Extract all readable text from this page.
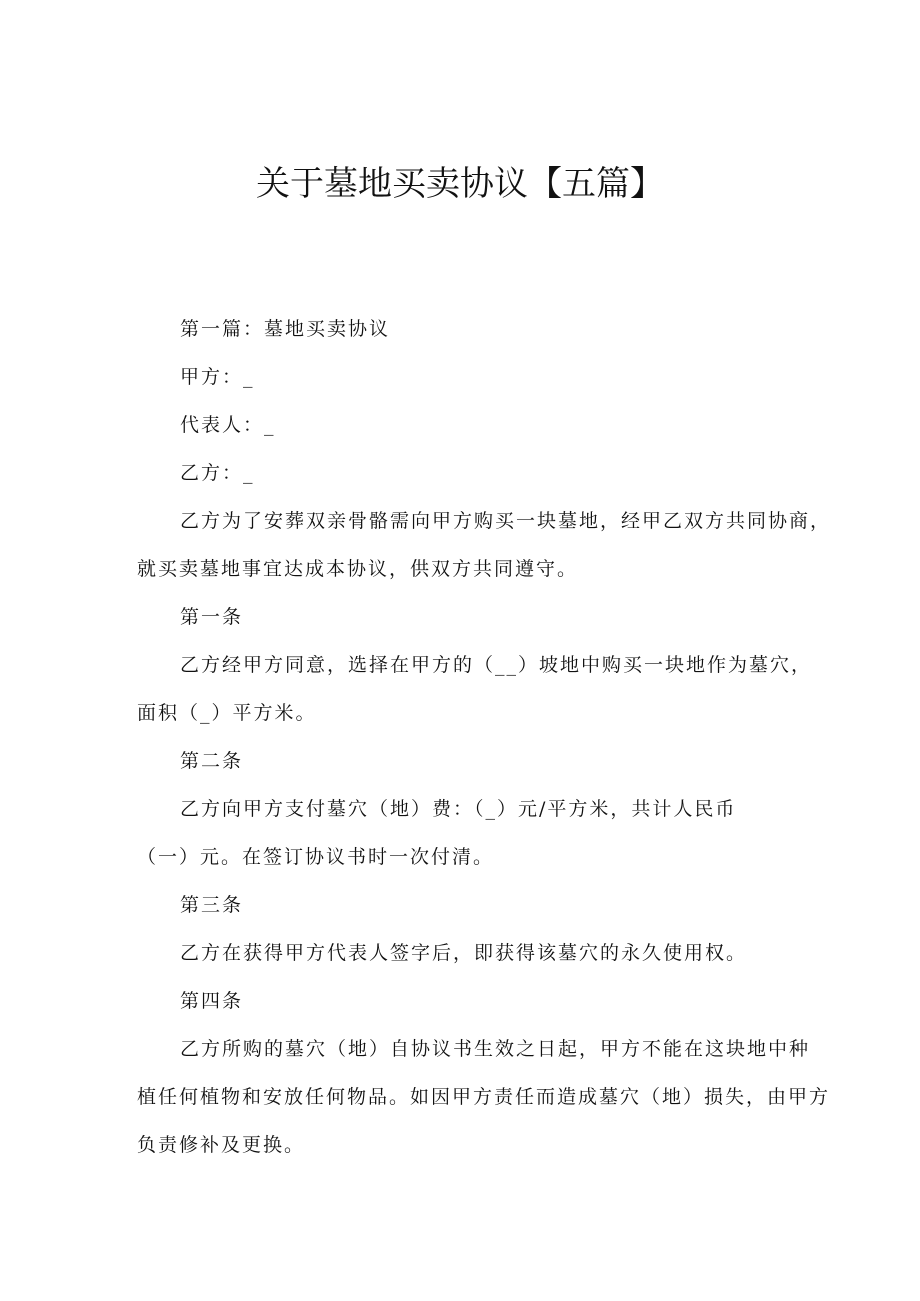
关于墓地买卖协议【五篇】
第一篇：墓地买卖协议
甲方：_
代表人：_
乙方：_
乙方为了安葬双亲骨骼需向甲方购买一块墓地，经甲乙双方共同协商，
就买卖墓地事宜达成本协议，供双方共同遵守。
第一条
乙方经甲方同意，选择在甲方的（__）坡地中购买一块地作为墓穴，
面积（_）平方米。
第二条
乙方向甲方支付墓穴（地）费：（_）元/平方米，共计人民币
（一）元。在签订协议书时一次付清。
第三条
乙方在获得甲方代表人签字后，即获得该墓穴的永久使用权。
第四条
乙方所购的墓穴（地）自协议书生效之日起，甲方不能在这块地中种
植任何植物和安放任何物品。如因甲方责任而造成墓穴（地）损失，由甲方
负责修补及更换。
